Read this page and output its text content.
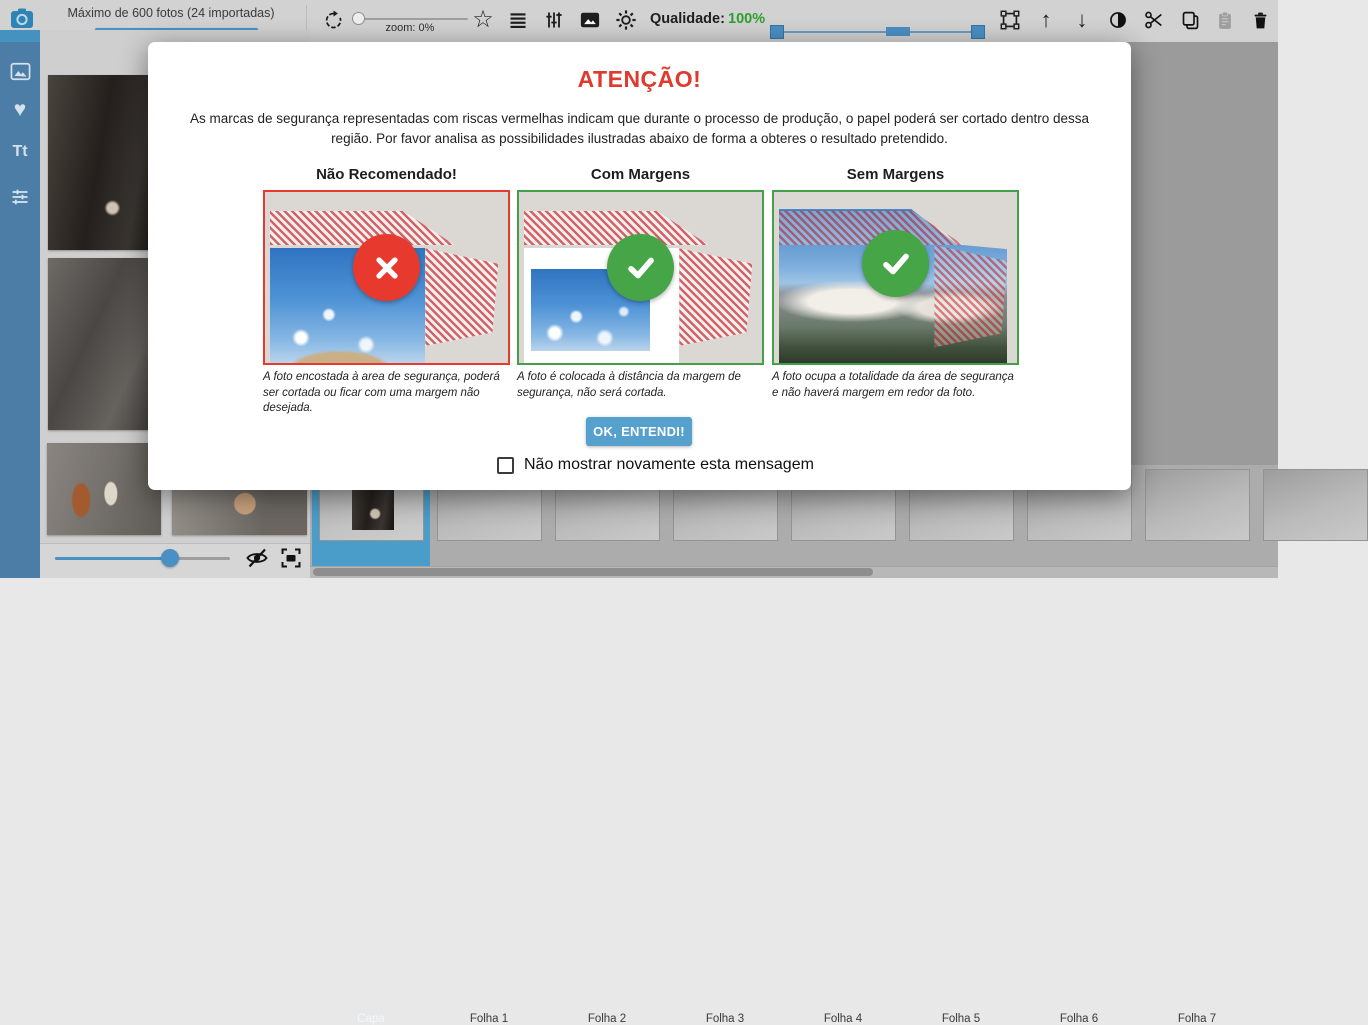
Máximo de 600 fotos (24 importadas)
zoom: 0%	☆	Qualidade: 100%	↑ ↓
♥
Tt
Capa	Folha 1	Folha 2	Folha 3	Folha 4	Folha 5	Folha 6	Folha 7
ATENÇÃO!
As marcas de segurança representadas com riscas vermelhas indicam que durante o processo de produção, o papel poderá ser cortado dentro dessa região. Por favor analisa as possibilidades ilustradas abaixo de forma a obteres o resultado pretendido.
Não Recomendado!	Com Margens	Sem Margens
A foto encostada à area de segurança, poderá ser cortada ou ficar com uma margem não desejada.
A foto é colocada à distância da margem de segurança, não será cortada.
A foto ocupa a totalidade da área de segurança e não haverá margem em redor da foto.
OK, ENTENDI!
Não mostrar novamente esta mensagem
